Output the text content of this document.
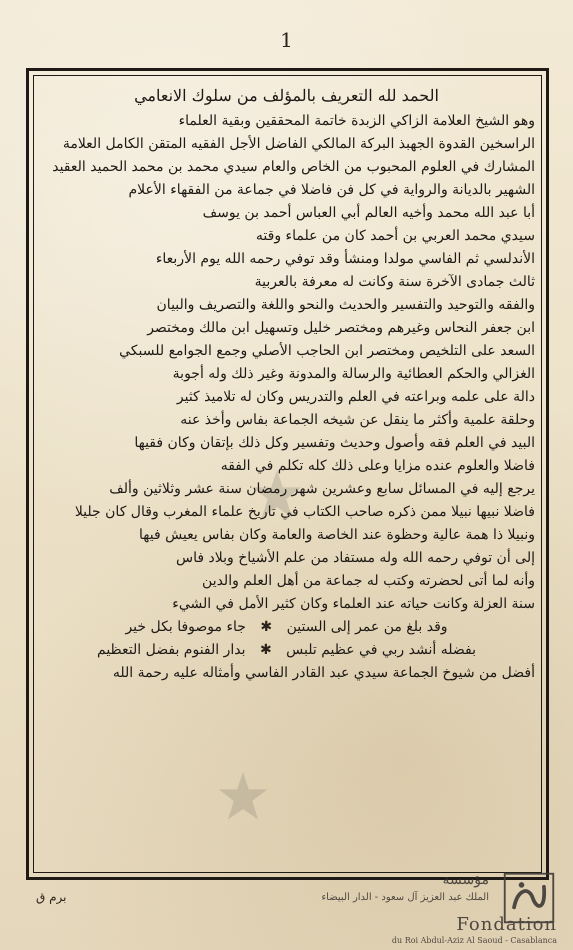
1
الحمد لله التعريف بالمؤلف من سلوك الانعامي
وهو الشيخ العلامة الزاكي الزبدة خاتمة المحققين وبقية العلماء
الراسخين القدوة الجهبذ البركة المالكي الفاضل الأجل الفقيه المتقن الكامل العلامة
المشارك في العلوم المحبوب من الخاص والعام سيدي محمد بن محمد الحميد العقيد
الشهير بالديانة والرواية في كل فن فاضلا في جماعة من الفقهاء الأعلام
أبا عبد الله محمد وأخيه العالم أبي العباس أحمد بن يوسف
سيدي محمد العربي بن أحمد كان من علماء وقته
الأندلسي ثم الفاسي مولدا ومنشأ وقد توفي رحمه الله يوم الأربعاء
ثالث جمادى الآخرة سنة وكانت له معرفة بالعربية
والفقه والتوحيد والتفسير والحديث والنحو واللغة والتصريف والبيان
ابن جعفر النحاس وغيرهم ومختصر خليل وتسهيل ابن مالك ومختصر
السعد على التلخيص ومختصر ابن الحاجب الأصلي وجمع الجوامع للسبكي
الغزالي والحكم العطائية والرسالة والمدونة وغير ذلك وله أجوبة
دالة على علمه وبراعته في العلم والتدريس وكان له تلاميذ كثير
وحلقة علمية وأكثر ما ينقل عن شيخه الجماعة بفاس وأخذ عنه
البيد في العلم فقه وأصول وحديث وتفسير وكل ذلك بإتقان وكان فقيها
فاضلا والعلوم عنده مزايا وعلى ذلك كله تكلم في الفقه
يرجع إليه في المسائل سابع وعشرين شهر رمضان سنة عشر وثلاثين وألف
فاضلا نبيها نبيلا ممن ذكره صاحب الكتاب في تاريخ علماء المغرب وقال كان جليلا
ونبيلا ذا همة عالية وحظوة عند الخاصة والعامة وكان بفاس يعيش فيها
إلى أن توفي رحمه الله وله مستفاد من علم الأشياخ وبلاد فاس
وأنه لما أتى لحضرته وكتب له جماعة من أهل العلم والدين
سنة العزلة وكانت حياته عند العلماء وكان كثير الأمل في الشيء
وقد بلغ من عمر إلى الستين ✱ جاء موصوفا بكل خير
بفضله أنشد ربي في عظيم تلبس ✱ بدار الفنوم بفضل التعظيم
أفضل من شيوخ الجماعة سيدي عبد القادر الفاسي وأمثاله عليه رحمة الله
برم ق
مؤسسة
الملك عبد العزيز آل سعود - الدار البيضاء
Fondation
du Roi Abdul-Aziz Al Saoud - Casablanca
